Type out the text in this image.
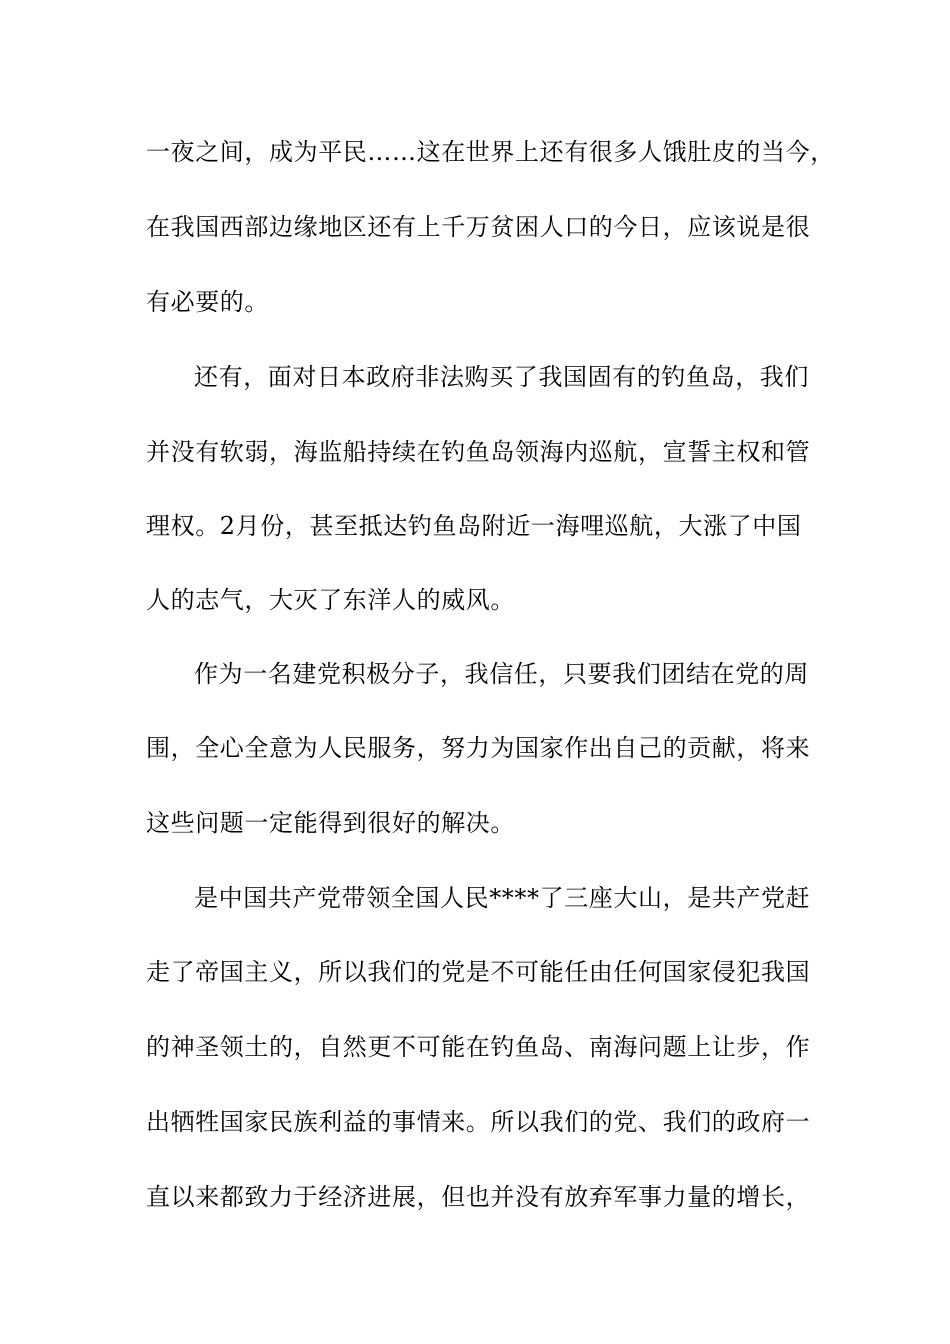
一夜之间，成为平民……这在世界上还有很多人饿肚皮的当今，
在我国西部边缘地区还有上千万贫困人口的今日，应该说是很
有必要的。
还有，面对日本政府非法购买了我国固有的钓鱼岛，我们
并没有软弱，海监船持续在钓鱼岛领海内巡航，宣誓主权和管
理权。2月份，甚至抵达钓鱼岛附近一海哩巡航，大涨了中国
人的志气，大灭了东洋人的威风。
作为一名建党积极分子，我信任，只要我们团结在党的周
围，全心全意为人民服务，努力为国家作出自己的贡献，将来
这些问题一定能得到很好的解决。
是中国共产党带领全国人民****了三座大山，是共产党赶
走了帝国主义，所以我们的党是不可能任由任何国家侵犯我国
的神圣领土的，自然更不可能在钓鱼岛、南海问题上让步，作
出牺牲国家民族利益的事情来。所以我们的党、我们的政府一
直以来都致力于经济进展，但也并没有放弃军事力量的增长，
